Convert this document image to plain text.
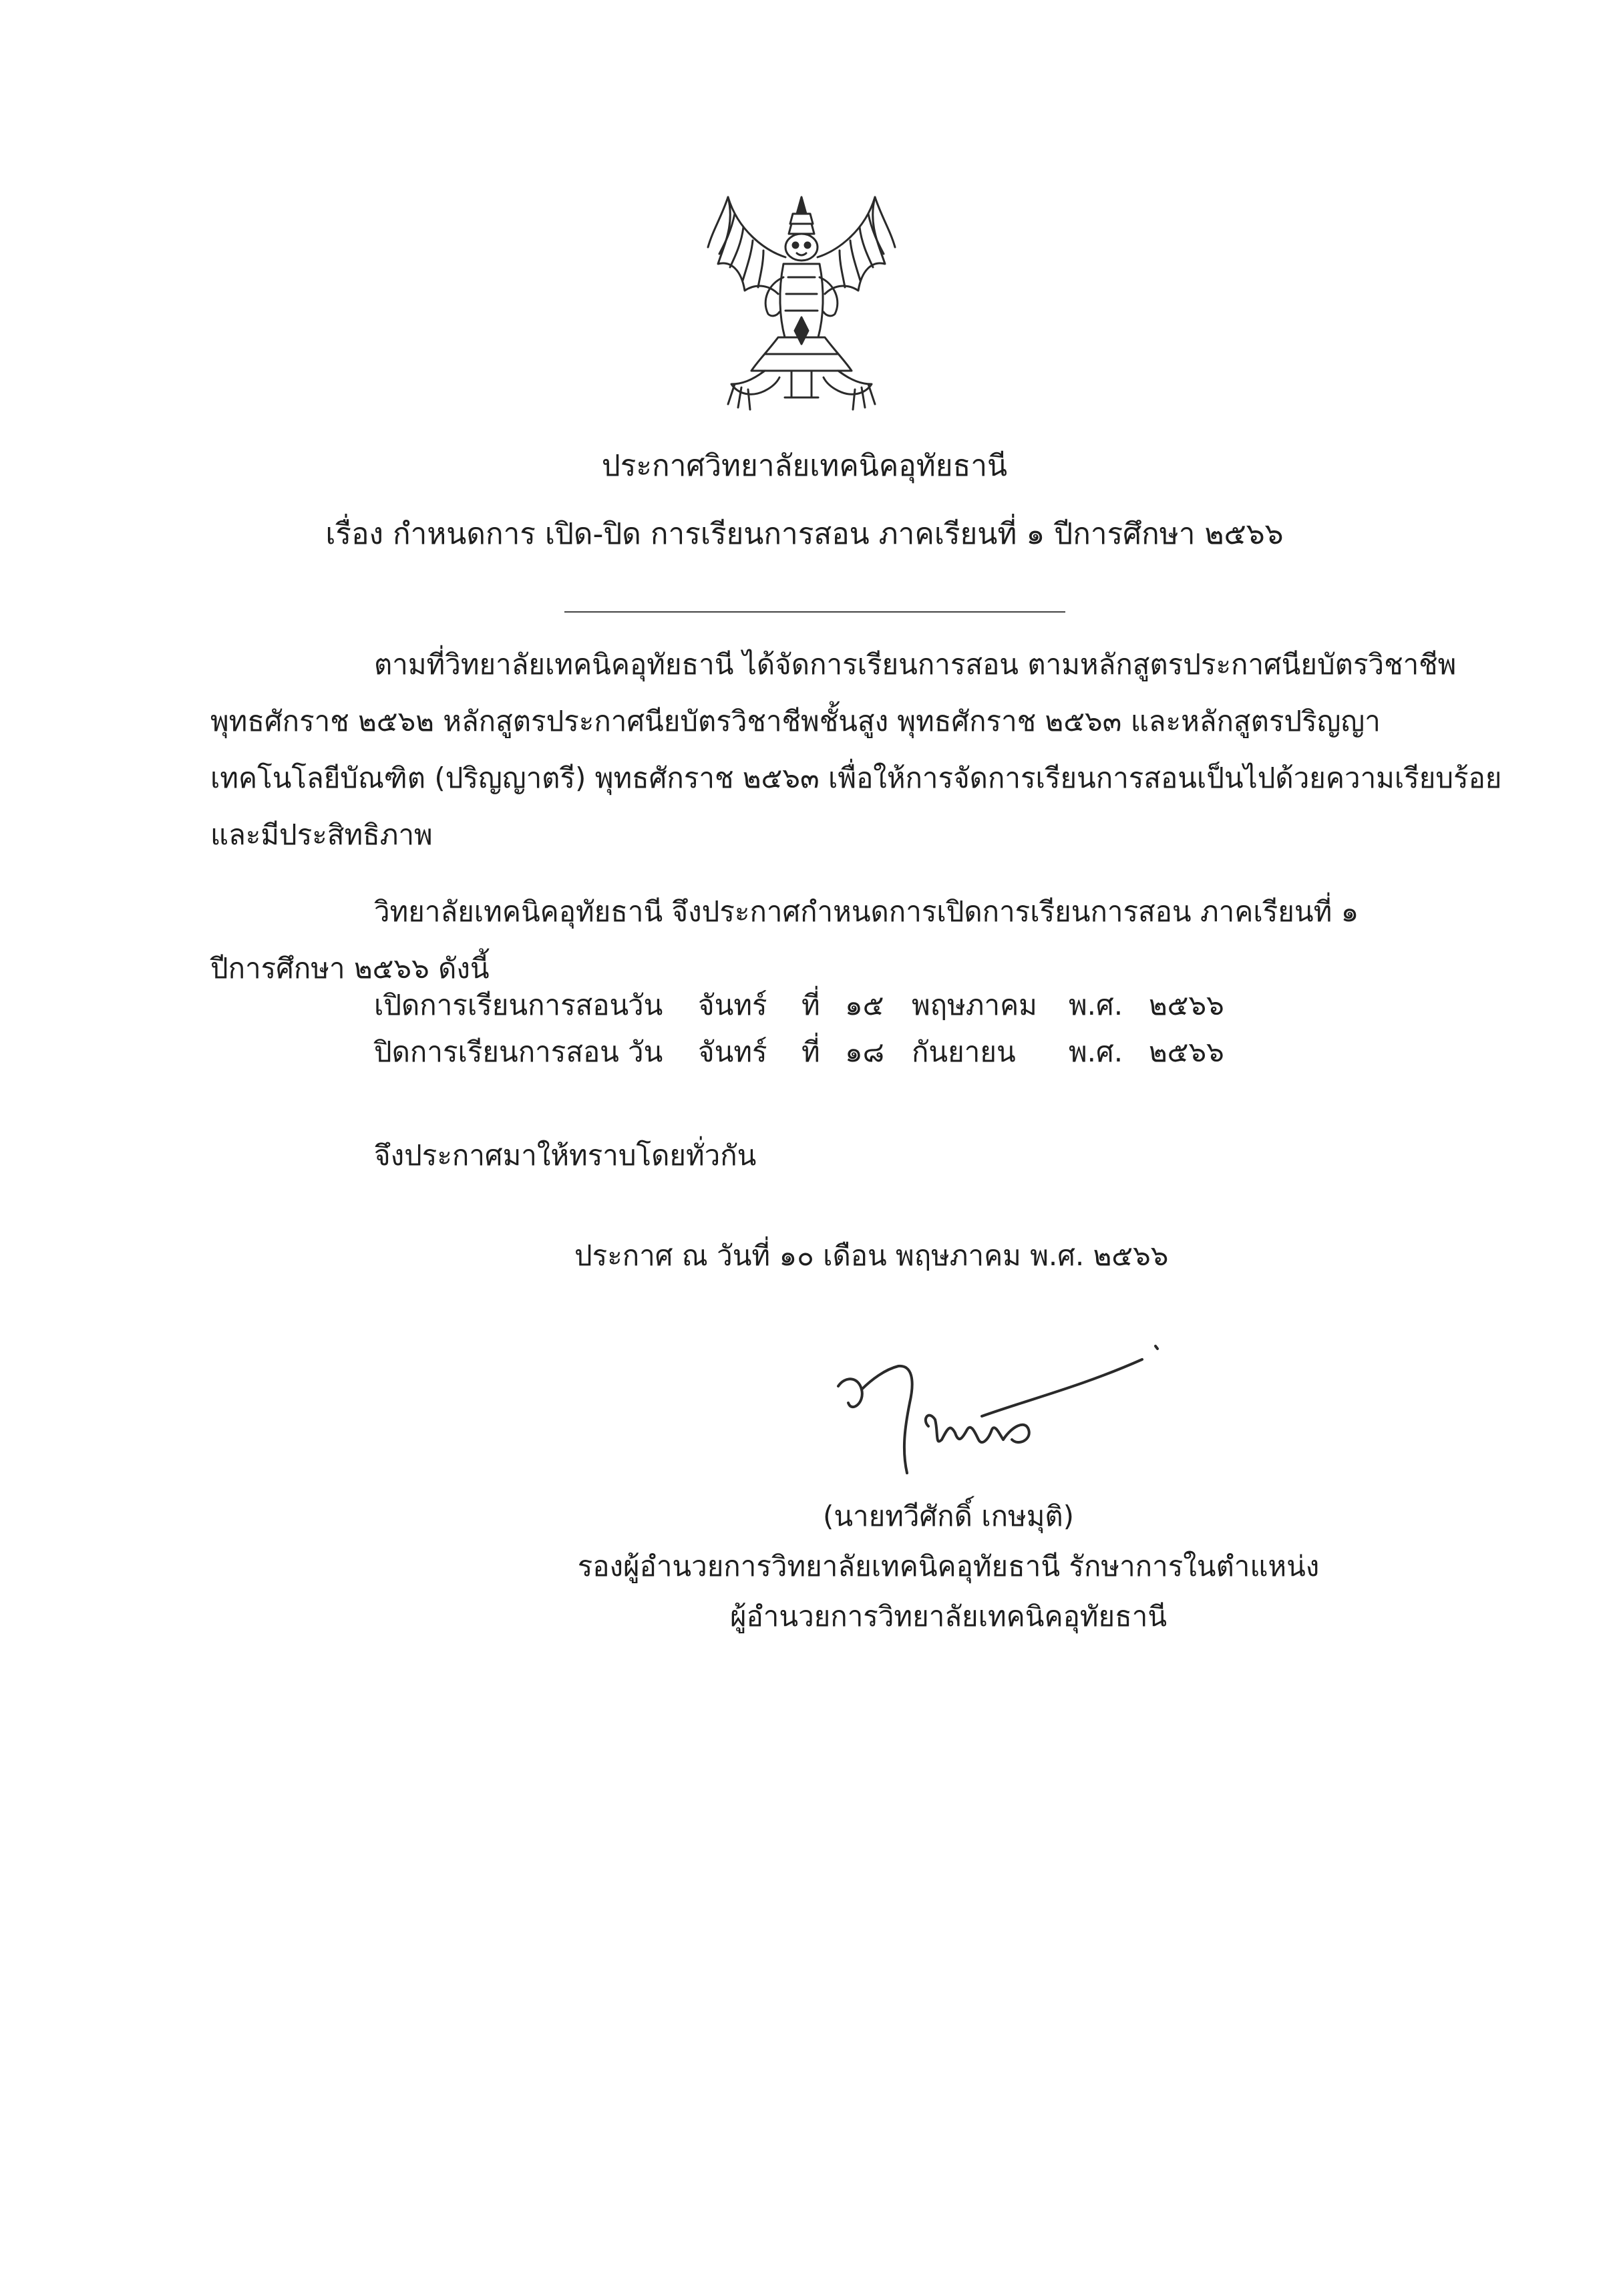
ประกาศวิทยาลัยเทคนิคอุทัยธานี
เรื่อง กำหนดการ เปิด-ปิด การเรียนการสอน ภาคเรียนที่ ๑ ปีการศึกษา ๒๕๖๖
ตามที่วิทยาลัยเทคนิคอุทัยธานี ได้จัดการเรียนการสอน ตามหลักสูตรประกาศนียบัตรวิชาชีพ
พุทธศักราช ๒๕๖๒ หลักสูตรประกาศนียบัตรวิชาชีพชั้นสูง พุทธศักราช ๒๕๖๓ และหลักสูตรปริญญา
เทคโนโลยีบัณฑิต (ปริญญาตรี) พุทธศักราช ๒๕๖๓ เพื่อให้การจัดการเรียนการสอนเป็นไปด้วยความเรียบร้อย
และมีประสิทธิภาพ
วิทยาลัยเทคนิคอุทัยธานี จึงประกาศกำหนดการเปิดการเรียนการสอน ภาคเรียนที่ ๑
ปีการศึกษา ๒๕๖๖ ดังนี้
เปิดการเรียนการสอน
วัน จันทร์ ที่ ๑๕ พฤษภาคม พ.ศ. ๒๕๖๖
ปิดการเรียนการสอน วัน จันทร์ ที่ ๑๘ กันยายน พ.ศ. ๒๕๖๖
จึงประกาศมาให้ทราบโดยทั่วกัน
ประกาศ ณ วันที่ ๑๐ เดือน พฤษภาคม พ.ศ. ๒๕๖๖
(นายทวีศักดิ์ เกษมุติ)
รองผู้อำนวยการวิทยาลัยเทคนิคอุทัยธานี รักษาการในตำแหน่ง
ผู้อำนวยการวิทยาลัยเทคนิคอุทัยธานี
